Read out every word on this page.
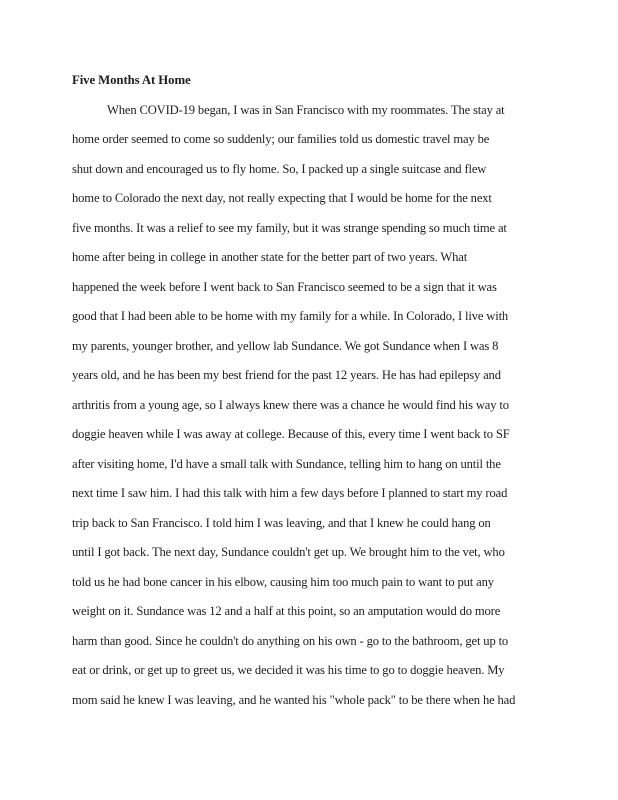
Five Months At Home
When COVID-19 began, I was in San Francisco with my roommates. The stay at
home order seemed to come so suddenly; our families told us domestic travel may be
shut down and encouraged us to fly home. So, I packed up a single suitcase and flew
home to Colorado the next day, not really expecting that I would be home for the next
five months. It was a relief to see my family, but it was strange spending so much time at
home after being in college in another state for the better part of two years. What
happened the week before I went back to San Francisco seemed to be a sign that it was
good that I had been able to be home with my family for a while. In Colorado, I live with
my parents, younger brother, and yellow lab Sundance. We got Sundance when I was 8
years old, and he has been my best friend for the past 12 years. He has had epilepsy and
arthritis from a young age, so I always knew there was a chance he would find his way to
doggie heaven while I was away at college. Because of this, every time I went back to SF
after visiting home, I'd have a small talk with Sundance, telling him to hang on until the
next time I saw him. I had this talk with him a few days before I planned to start my road
trip back to San Francisco. I told him I was leaving, and that I knew he could hang on
until I got back. The next day, Sundance couldn't get up. We brought him to the vet, who
told us he had bone cancer in his elbow, causing him too much pain to want to put any
weight on it. Sundance was 12 and a half at this point, so an amputation would do more
harm than good. Since he couldn't do anything on his own - go to the bathroom, get up to
eat or drink, or get up to greet us, we decided it was his time to go to doggie heaven. My
mom said he knew I was leaving, and he wanted his "whole pack" to be there when he had
